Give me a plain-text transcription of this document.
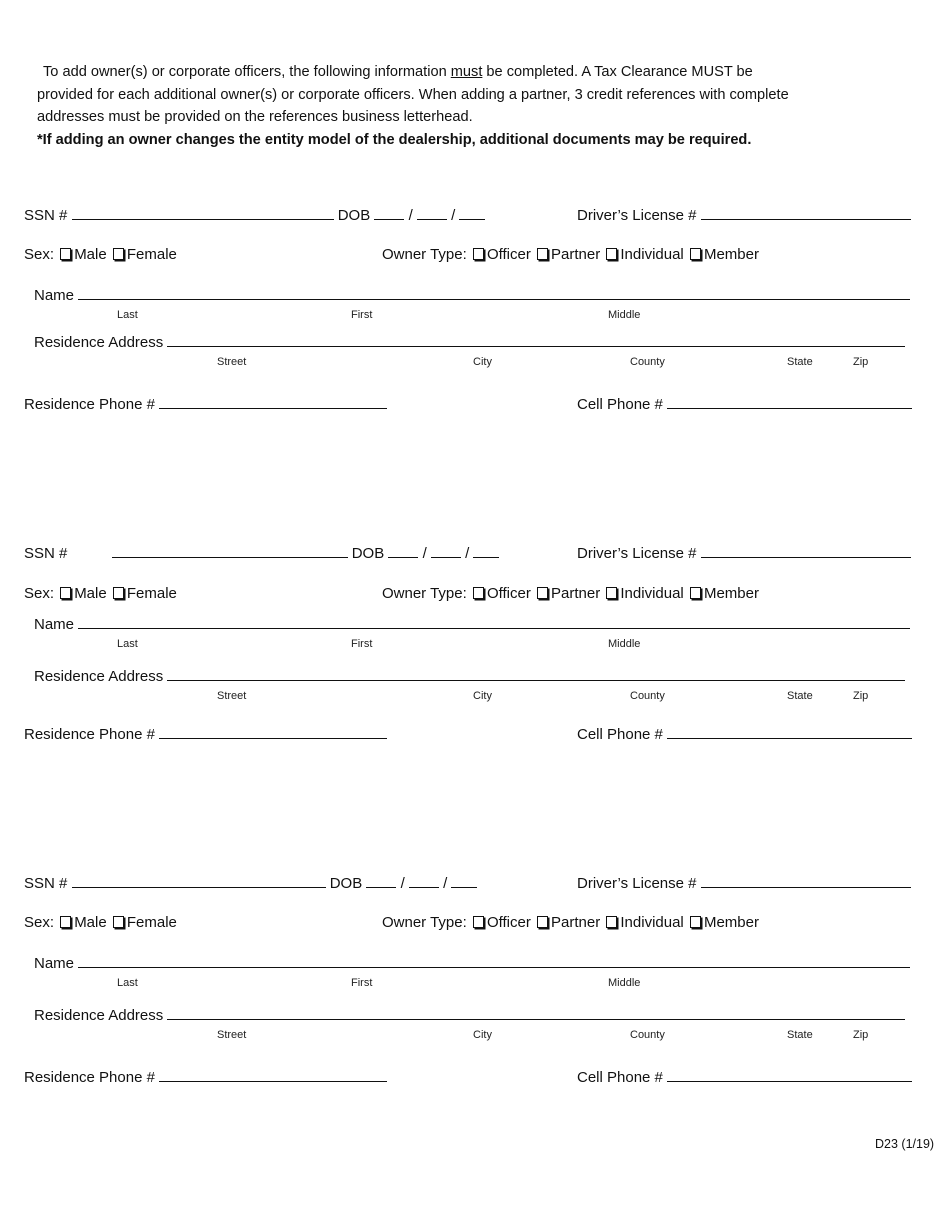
To add owner(s) or corporate officers, the following information must be completed. A Tax Clearance MUST be
provided for each additional owner(s) or corporate officers. When adding a partner, 3 credit references with complete
addresses must be provided on the references business letterhead.
*If adding an owner changes the entity model of the dealership, additional documents may be required.
SSN #	DOB	/	/	Driver’s License #
Sex: Male Female	Owner Type: Officer Partner Individual Member
Name
Last	First	Middle
Residence Address
Street	City	County	State	Zip
Residence Phone #	Cell Phone #
SSN #	DOB	/	/	Driver’s License #
Sex: Male Female	Owner Type: Officer Partner Individual Member
Name
Last	First	Middle
Residence Address
Street	City	County	State	Zip
Residence Phone #	Cell Phone #
SSN #	DOB	/	/	Driver’s License #
Sex: Male Female	Owner Type: Officer Partner Individual Member
Name
Last	First	Middle
Residence Address
Street	City	County	State	Zip
Residence Phone #	Cell Phone #
D23 (1/19)
